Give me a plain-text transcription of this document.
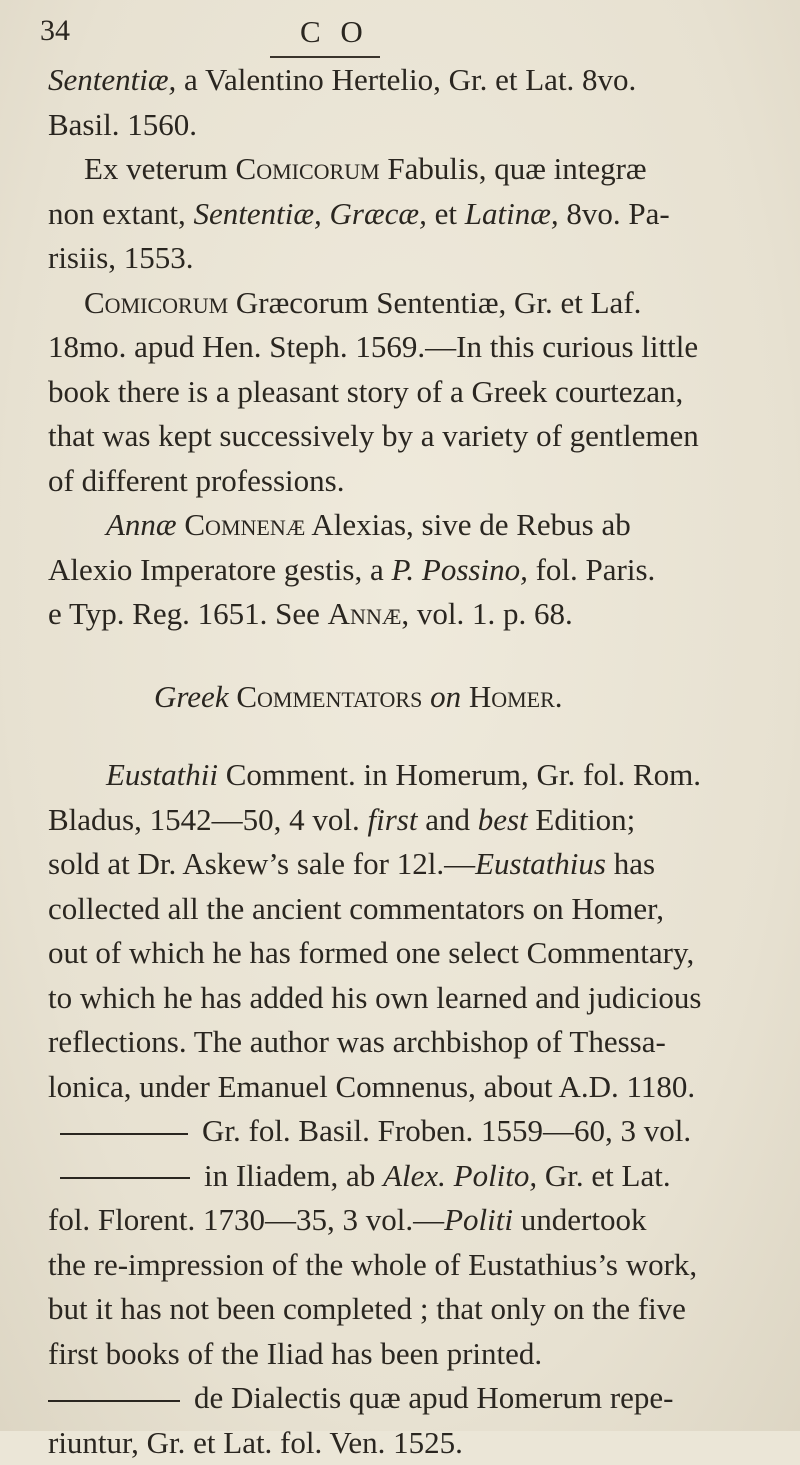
34	C O

Sententiæ, a Valentino Hertelio, Gr. et Lat. 8vo.

Basil. 1560.

Ex veterum Comicorum Fabulis, quæ integræ

non extant, Sententiæ, Græcæ, et Latinæ, 8vo. Pa-

risiis, 1553.

Comicorum Græcorum Sententiæ, Gr. et Laf.

18mo. apud Hen. Steph. 1569.—In this curious little

book there is a pleasant story of a Greek courtezan,

that was kept successively by a variety of gentlemen

of different professions.

Annæ Comnenæ Alexias, sive de Rebus ab

Alexio Imperatore gestis, a P. Possino, fol. Paris.

e Typ. Reg. 1651. See Annæ, vol. 1. p. 68.

Greek Commentators on Homer.

Eustathii Comment. in Homerum, Gr. fol. Rom.

Bladus, 1542—50, 4 vol. first and best Edition;

sold at Dr. Askew’s sale for 12l.—Eustathius has

collected all the ancient commentators on Homer,

out of which he has formed one select Commentary,

to which he has added his own learned and judicious

reflections. The author was archbishop of Thessa-

lonica, under Emanuel Comnenus, about A.D. 1180.

Gr. fol. Basil. Froben. 1559—60, 3 vol.

in Iliadem, ab Alex. Polito, Gr. et Lat.

fol. Florent. 1730—35, 3 vol.—Politi undertook

the re-impression of the whole of Eustathius’s work,

but it has not been completed ; that only on the five

first books of the Iliad has been printed.

de Dialectis quæ apud Homerum repe-

riuntur, Gr. et Lat. fol. Ven. 1525.
